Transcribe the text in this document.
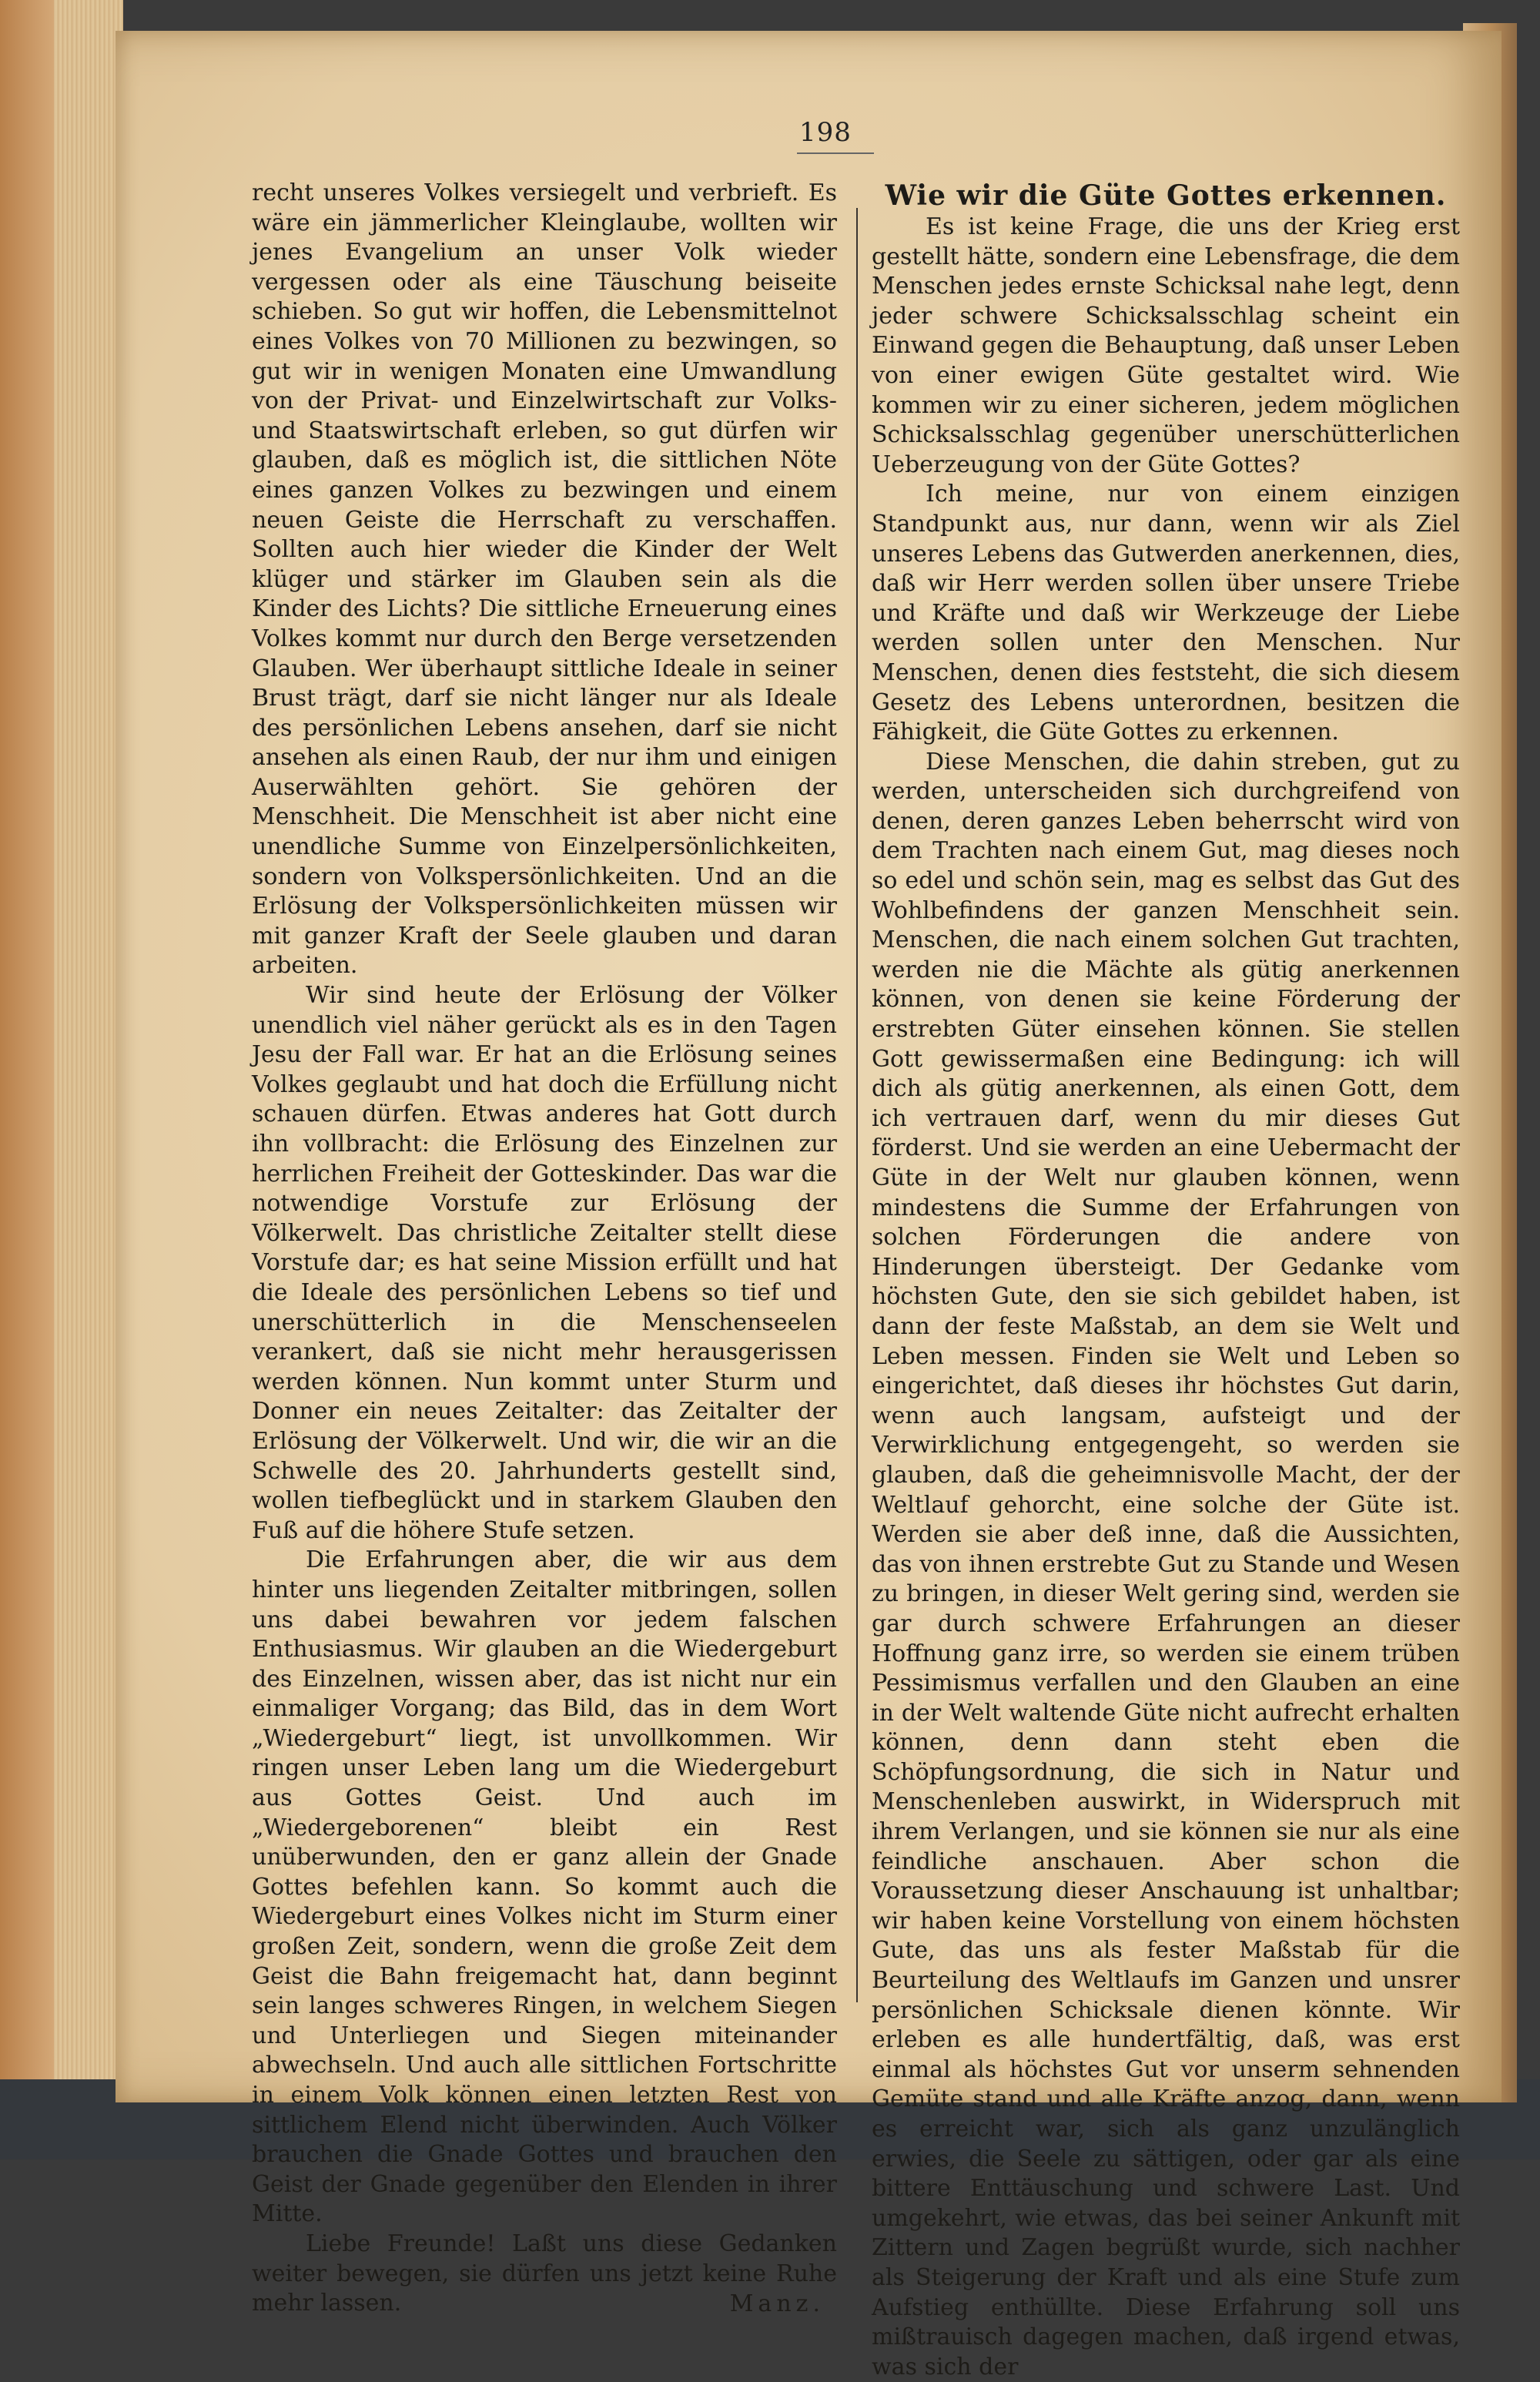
198

recht unseres Volkes versiegelt und verbrieft. Es wäre ein jämmerlicher Kleinglaube, wollten wir jenes Evangelium an unser Volk wieder vergessen oder als eine Täuschung beiseite schieben. So gut wir hoffen, die Lebensmittelnot eines Volkes von 70 Millionen zu bezwingen, so gut wir in wenigen Monaten eine Umwandlung von der Privat- und Einzelwirtschaft zur Volks- und Staatswirtschaft erleben, so gut dürfen wir glauben, daß es möglich ist, die sittlichen Nöte eines ganzen Volkes zu bezwingen und einem neuen Geiste die Herrschaft zu verschaffen. Sollten auch hier wieder die Kinder der Welt klüger und stärker im Glauben sein als die Kinder des Lichts? Die sittliche Erneuerung eines Volkes kommt nur durch den Berge versetzenden Glauben. Wer überhaupt sittliche Ideale in seiner Brust trägt, darf sie nicht länger nur als Ideale des persönlichen Lebens ansehen, darf sie nicht ansehen als einen Raub, der nur ihm und einigen Auserwählten gehört. Sie gehören der Menschheit. Die Menschheit ist aber nicht eine unendliche Summe von Einzelpersönlichkeiten, sondern von Volkspersönlichkeiten. Und an die Erlösung der Volkspersönlichkeiten müssen wir mit ganzer Kraft der Seele glauben und daran arbeiten.

Wir sind heute der Erlösung der Völker unendlich viel näher gerückt als es in den Tagen Jesu der Fall war. Er hat an die Erlösung seines Volkes geglaubt und hat doch die Erfüllung nicht schauen dürfen. Etwas anderes hat Gott durch ihn vollbracht: die Erlösung des Einzelnen zur herrlichen Freiheit der Gotteskinder. Das war die notwendige Vorstufe zur Erlösung der Völkerwelt. Das christliche Zeitalter stellt diese Vorstufe dar; es hat seine Mission erfüllt und hat die Ideale des persönlichen Lebens so tief und unerschütterlich in die Menschenseelen verankert, daß sie nicht mehr herausgerissen werden können. Nun kommt unter Sturm und Donner ein neues Zeitalter: das Zeitalter der Erlösung der Völkerwelt. Und wir, die wir an die Schwelle des 20. Jahrhunderts gestellt sind, wollen tiefbeglückt und in starkem Glauben den Fuß auf die höhere Stufe setzen.

Die Erfahrungen aber, die wir aus dem hinter uns liegenden Zeitalter mitbringen, sollen uns dabei bewahren vor jedem falschen Enthusiasmus. Wir glauben an die Wiedergeburt des Einzelnen, wissen aber, das ist nicht nur ein einmaliger Vorgang; das Bild, das in dem Wort „Wiedergeburt“ liegt, ist unvollkommen. Wir ringen unser Leben lang um die Wiedergeburt aus Gottes Geist. Und auch im „Wiedergeborenen“ bleibt ein Rest unüberwunden, den er ganz allein der Gnade Gottes befehlen kann. So kommt auch die Wiedergeburt eines Volkes nicht im Sturm einer großen Zeit, sondern, wenn die große Zeit dem Geist die Bahn freigemacht hat, dann beginnt sein langes schweres Ringen, in welchem Siegen und Unterliegen und Siegen miteinander abwechseln. Und auch alle sittlichen Fortschritte in einem Volk können einen letzten Rest von sittlichem Elend nicht überwinden. Auch Völker brauchen die Gnade Gottes und brauchen den Geist der Gnade gegenüber den Elenden in ihrer Mitte.

Liebe Freunde! Laßt uns diese Gedanken weiter bewegen, sie dürfen uns jetzt keine Ruhe mehr lassen.	Manz.

Wie wir die Güte Gottes erkennen.

Es ist keine Frage, die uns der Krieg erst gestellt hätte, sondern eine Lebensfrage, die dem Menschen jedes ernste Schicksal nahe legt, denn jeder schwere Schicksalsschlag scheint ein Einwand gegen die Behauptung, daß unser Leben von einer ewigen Güte gestaltet wird. Wie kommen wir zu einer sicheren, jedem möglichen Schicksalsschlag gegenüber unerschütterlichen Ueberzeugung von der Güte Gottes?

Ich meine, nur von einem einzigen Standpunkt aus, nur dann, wenn wir als Ziel unseres Lebens das Gutwerden anerkennen, dies, daß wir Herr werden sollen über unsere Triebe und Kräfte und daß wir Werkzeuge der Liebe werden sollen unter den Menschen. Nur Menschen, denen dies feststeht, die sich diesem Gesetz des Lebens unterordnen, besitzen die Fähigkeit, die Güte Gottes zu erkennen.

Diese Menschen, die dahin streben, gut zu werden, unterscheiden sich durchgreifend von denen, deren ganzes Leben beherrscht wird von dem Trachten nach einem Gut, mag dieses noch so edel und schön sein, mag es selbst das Gut des Wohlbefindens der ganzen Menschheit sein. Menschen, die nach einem solchen Gut trachten, werden nie die Mächte als gütig anerkennen können, von denen sie keine Förderung der erstrebten Güter einsehen können. Sie stellen Gott gewissermaßen eine Bedingung: ich will dich als gütig anerkennen, als einen Gott, dem ich vertrauen darf, wenn du mir dieses Gut förderst. Und sie werden an eine Uebermacht der Güte in der Welt nur glauben können, wenn mindestens die Summe der Erfahrungen von solchen Förderungen die andere von Hinderungen übersteigt. Der Gedanke vom höchsten Gute, den sie sich gebildet haben, ist dann der feste Maßstab, an dem sie Welt und Leben messen. Finden sie Welt und Leben so eingerichtet, daß dieses ihr höchstes Gut darin, wenn auch langsam, aufsteigt und der Verwirklichung entgegengeht, so werden sie glauben, daß die geheimnisvolle Macht, der der Weltlauf gehorcht, eine solche der Güte ist. Werden sie aber deß inne, daß die Aussichten, das von ihnen erstrebte Gut zu Stande und Wesen zu bringen, in dieser Welt gering sind, werden sie gar durch schwere Erfahrungen an dieser Hoffnung ganz irre, so werden sie einem trüben Pessimismus verfallen und den Glauben an eine in der Welt waltende Güte nicht aufrecht erhalten können, denn dann steht eben die Schöpfungsordnung, die sich in Natur und Menschenleben auswirkt, in Widerspruch mit ihrem Verlangen, und sie können sie nur als eine feindliche anschauen. Aber schon die Voraussetzung dieser Anschauung ist unhaltbar; wir haben keine Vorstellung von einem höchsten Gute, das uns als fester Maßstab für die Beurteilung des Weltlaufs im Ganzen und unsrer persönlichen Schicksale dienen könnte. Wir erleben es alle hundertfältig, daß, was erst einmal als höchstes Gut vor unserm sehnenden Gemüte stand und alle Kräfte anzog, dann, wenn es erreicht war, sich als ganz unzulänglich erwies, die Seele zu sättigen, oder gar als eine bittere Enttäuschung und schwere Last. Und umgekehrt, wie etwas, das bei seiner Ankunft mit Zittern und Zagen begrüßt wurde, sich nachher als Steigerung der Kraft und als eine Stufe zum Aufstieg enthüllte. Diese Erfahrung soll uns mißtrauisch dagegen machen, daß irgend etwas, was sich der
